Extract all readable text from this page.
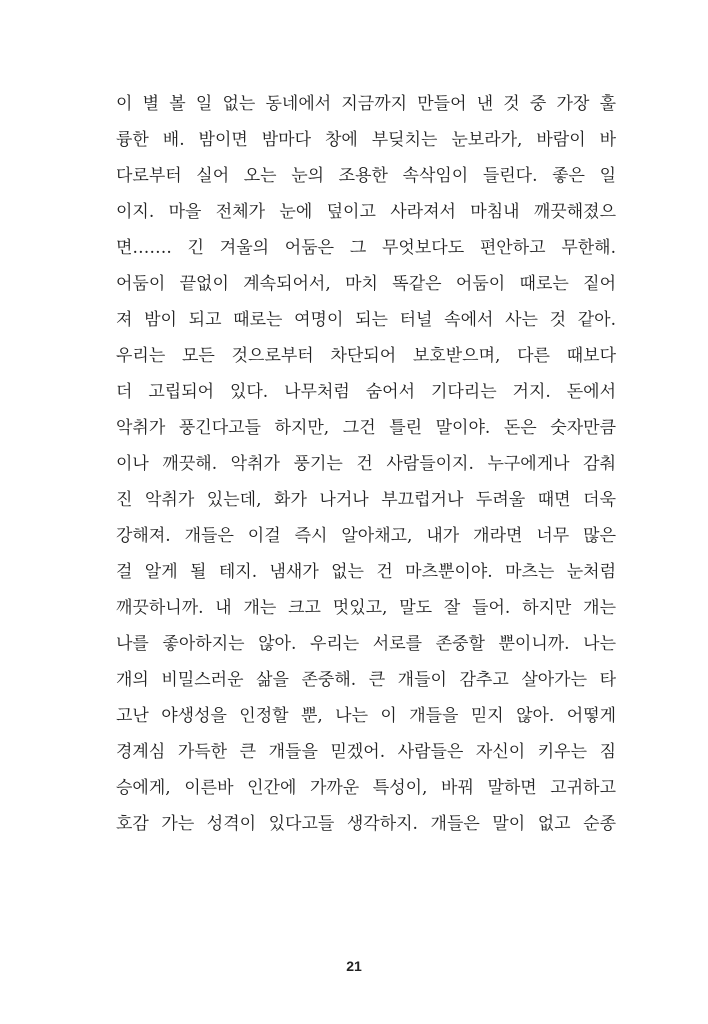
이 별 볼 일 없는 동네에서 지금까지 만들어 낸 것 중 가장 훌
륭한 배. 밤이면 밤마다 창에 부딪치는 눈보라가, 바람이 바
다로부터 실어 오는 눈의 조용한 속삭임이 들린다. 좋은 일
이지. 마을 전체가 눈에 덮이고 사라져서 마침내 깨끗해졌으
면……. 긴 겨울의 어둠은 그 무엇보다도 편안하고 무한해.
어둠이 끝없이 계속되어서, 마치 똑같은 어둠이 때로는 짙어
져 밤이 되고 때로는 여명이 되는 터널 속에서 사는 것 같아.
우리는 모든 것으로부터 차단되어 보호받으며, 다른 때보다
더 고립되어 있다. 나무처럼 숨어서 기다리는 거지. 돈에서
악취가 풍긴다고들 하지만, 그건 틀린 말이야. 돈은 숫자만큼
이나 깨끗해. 악취가 풍기는 건 사람들이지. 누구에게나 감춰
진 악취가 있는데, 화가 나거나 부끄럽거나 두려울 때면 더욱
강해져. 개들은 이걸 즉시 알아채고, 내가 개라면 너무 많은
걸 알게 될 테지. 냄새가 없는 건 마츠뿐이야. 마츠는 눈처럼
깨끗하니까. 내 개는 크고 멋있고, 말도 잘 들어. 하지만 개는
나를 좋아하지는 않아. 우리는 서로를 존중할 뿐이니까. 나는
개의 비밀스러운 삶을 존중해. 큰 개들이 감추고 살아가는 타
고난 야생성을 인정할 뿐, 나는 이 개들을 믿지 않아. 어떻게
경계심 가득한 큰 개들을 믿겠어. 사람들은 자신이 키우는 짐
승에게, 이른바 인간에 가까운 특성이, 바꿔 말하면 고귀하고
호감 가는 성격이 있다고들 생각하지. 개들은 말이 없고 순종
21
